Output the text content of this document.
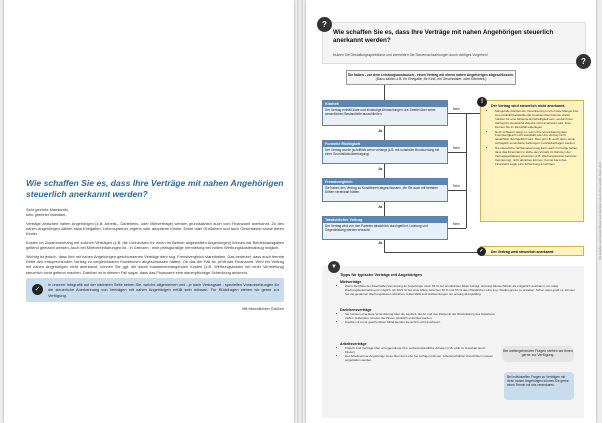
Wie schaffen Sie es, dass Ihre Verträge mit nahen Angehörigen steuerlich anerkannt werden?

Sehr geehrte Mandantin,

sehr geehrter Mandant,

Verträge zwischen nahen Angehörigen (z.B. Arbeits-, Darlehens- oder Mietverträge) werden grundsätzlich auch vom Finanzamt anerkannt. Zu den nahen Angehörigen zählen etwa Ehegatten, Lebenspartner, eigene oder adoptierte Kinder, Enkel oder Großeltern und auch Geschwister sowie deren Kinder.

Kosten im Zusammenhang mit solchen Verträgen (z.B. die Lohnkosten für einen im Betrieb angestellten Angehörigen) können als Betriebsausgaben geltend gemacht werden. Auch bei Mietvereinbarungen ist - in Grenzen - eine preisgünstige Vermietung bei vollem Werbungskostenabzug möglich.

Wichtig ist jedoch, dass Ihre mit nahen Angehörigen geschlossenen Verträge dem sog. Fremdvergleich standhalten. Das bedeutet, dass auch fremde Dritte den entsprechenden Vertrag zu vergleichbaren Konditionen abgeschlossen hätten. Ob das der Fall ist, prüft das Finanzamt. Wird ein Vertrag mit nahen Angehörigen nicht anerkannt, können Sie ggf. die damit zusammenhängenden Kosten (z.B. Werbungskosten bei einer Vermietung) steuerlich nicht geltend machen. Darüber ist in diesem Fall sogar, dass das Finanzamt eine steuerpflichtige Schenkung annimmt.

✓

In unserer Infografik auf der nächsten Seite sehen Sie, welche allgemeinen und - je nach Vertragsart - speziellen Voraussetzungen für die steuerliche Anerkennung von Verträgen mit nahen Angehörigen erfüllt sein müssen. Für Rückfragen stehen wir gerne zur Verfügung.

Mit freundlichen Grüßen
?
Wie schaffen Sie es, dass Ihre Verträge mit nahen Angehörigen steuerlich anerkannt werden?
Nutzen Sie Gestaltungsspielräume und vermeiden Sie Steuernachzahlungen durch richtiges Vorgehen!
?
Sie haben - vor dem Leistungsaustausch - einen Vertrag mit einem nahen Angehörigen abgeschlossen.
(Dazu zählen z.B. Ihr Ehegatte, Ihr Kind, ein Geschwister- oder Elternteil.)
Klarheit
Der Vertrag enthält klare und eindeutige Abmachungen, die Zweifel über seine wesentlichen Bestandteile ausschließen.
Ja
Formelle Richtigkeit
Der Vertrag wurde (schriftlich wenn verlangt (z.B. mit notarieller Beurkundung bei einer Grundstücksübertragung).
Ja
Fremdvergleich
Sie haben den Vertrag zu Konditionen abgeschlossen, die Sie auch mit fremden Dritten vereinbart hätten.
Ja
Tatsächlicher Vollzug
Der Vertrag wird von den Parteien tatsächlich durchgeführt, Leistung und Gegenleistung werden erbracht.
Ja
Nein
Nein
Nein
Nein
!
Der Vertrag wird steuerlich nicht anerkannt.
• Mangelnde Klarheit der Vereinbarung und formale Mängel bzw. eine pünktlichkeitsfehlende Unerkanntheit können starke Indizien für eine fehlende Ernsthaftigkeit sein, wodurch der Vertrag für steuerliche Zwecke nicht anerkannt wird. Dies können Sie im Einzelfall widerlegen.
• Noch schwerer wiegt es, wenn Ihre Vereinbarung dem Fremdvergleich nicht standhält oder der Vertrag nicht tatsächlich durchgeführt wird. Dies gilt z.B. auch dann, wenn vertraglich vereinbarte Zahlungen zurückübertragen werden.
• Die steuerliche Nichtanerkennung kann auch zur Folge haben, dass das Finanzamt in Höhe des Vorteils im Rahmen der Vertragsgestaltung entstehen (z.B. Werbungskosten bei einer Vermietung), nicht abziehen können. Ferner kann das Finanzamt sogar eine Schenkung annehmen.
✓	Der Vertrag wird steuerlich anerkannt.
▼
Tipps für typische Verträge mit Angehörigen
Mietverträge
• Wenn die Miete bei dauerhafter Vermietung an Angehörige mind. 66 % der ortsüblichen Miete beträgt, wird das Mietverhältnis als entgeltlich anerkannt, ein voller Werbungskostenabzug ist möglich. Ab 2021 ist bei einer Miete zwischen 50 % und 66 % des Ortsüblichen eine sog. Totalprognose zu erstellen. Schon dann greift es, können Sie die gesamten Werbungskosten abziehen, Andernfalls sind Aufwendungen nur anteilig abzugsfähig.
Darlehensverträge
• Sie müssen eine klare Vereinbarung über die Laufzeit, die Art und den Zeitpunkt der Rückzahlung des Darlehens treffen. Außerdem müssen die Zinsen pünktlich entrichtet werden.
• Kredite mit zuvor geschenktem Mittel werden steuerlich nicht anerkannt.
Arbeitsverträge
• Kritisch sind Verträge über untergeordnete bzw. selbstverständliche Arbeiten (z.B. Hilfe im Haushalt durch Kinder).
• Der Arbeitnehmer-Angehörige muss über den Lohn frei verfügen können. Arbeitsrechtliche Vorschriften müssen eingehalten werden.
Bei weitergehenden Fragen stehen wir Ihnen gerne zur Verfügung.
Bei individuellen Fragen zu Verträgen mit Ihren nahen Angehörigen können Sie gerne einen Termin mit uns vereinbaren.
Alle Angaben nach bestem Wissen und Gewissen, jedoch ohne Gewähr. Stand: 2021
